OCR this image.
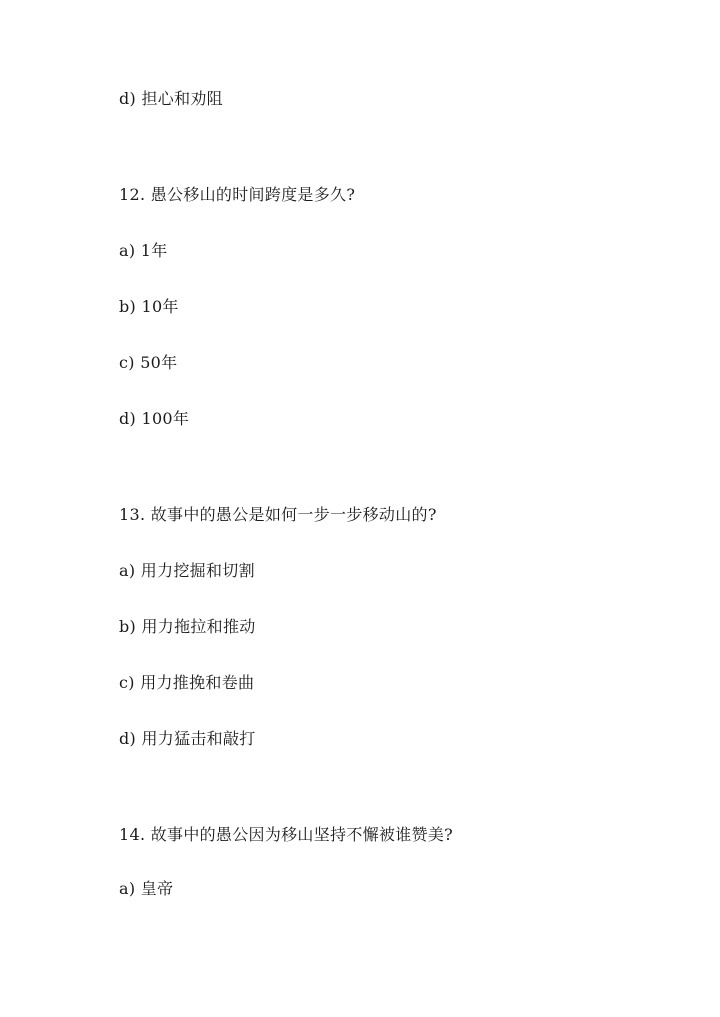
d) 担心和劝阻
12. 愚公移山的时间跨度是多久?
a) 1年
b) 10年
c) 50年
d) 100年
13. 故事中的愚公是如何一步一步移动山的?
a) 用力挖掘和切割
b) 用力拖拉和推动
c) 用力推挽和卷曲
d) 用力猛击和敲打
14. 故事中的愚公因为移山坚持不懈被谁赞美?
a) 皇帝
